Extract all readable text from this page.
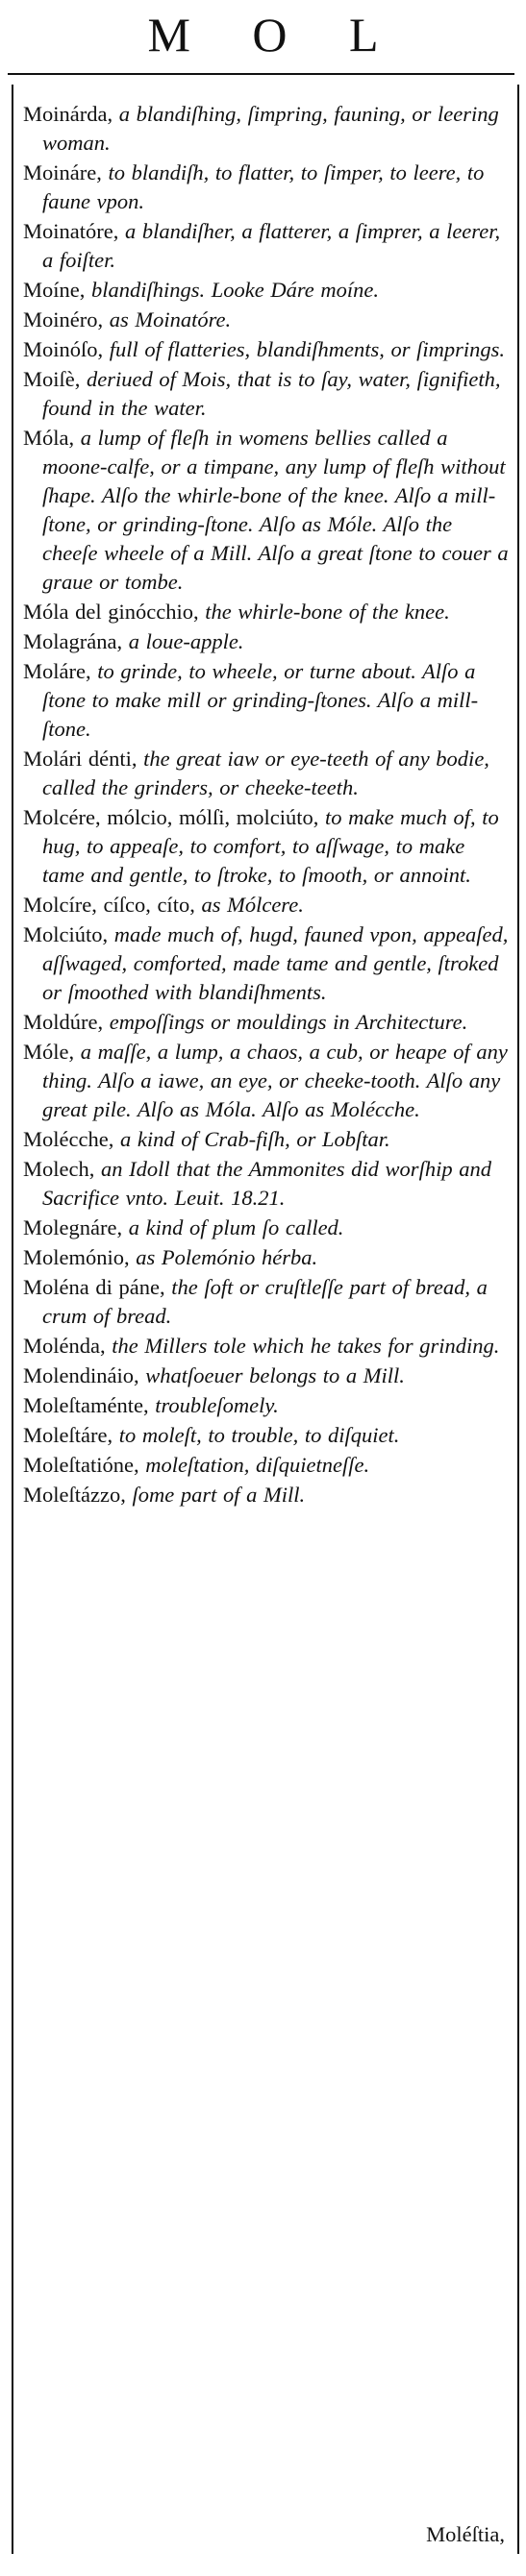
M O L
Moinárda, a blandiſhing, ſimpring, fauning, or leering woman.
Moináre, to blandiſh, to flatter, to ſimper, to leere, to faune vpon.
Moinatóre, a blandiſher, a flatterer, a ſimprer, a leerer, a foiſter.
Moíne, blandiſhings. Looke Dáre moíne.
Moinéro, as Moinatóre.
Moinóſo, full of flatteries, blandiſhments, or ſimprings.
Moiſè, deriued of Mois, that is to ſay, water, ſignifieth, found in the water.
Móla, a lump of fleſh in womens bellies called a moone-calfe, or a timpane, any lump of fleſh without ſhape. Alſo the whirle-bone of the knee. Alſo a mill-ſtone, or grinding-ſtone. Alſo as Móle. Alſo the cheeſe wheele of a Mill. Alſo a great ſtone to couer a graue or tombe.
Móla del ginócchio, the whirle-bone of the knee.
Molagrána, a loue-apple.
Moláre, to grinde, to wheele, or turne about. Alſo a ſtone to make mill or grinding-ſtones. Alſo a mill-ſtone.
Molári dénti, the great iaw or eye-teeth of any bodie, called the grinders, or cheeke-teeth.
Molcére, mólcio, mólſi, molciúto, to make much of, to hug, to appeaſe, to comfort, to aſſwage, to make tame and gentle, to ſtroke, to ſmooth, or annoint.
Molcíre, cíſco, cíto, as Mólcere.
Molciúto, made much of, hugd, fauned vpon, appeaſed, aſſwaged, comforted, made tame and gentle, ſtroked or ſmoothed with blandiſhments.
Moldúre, empoſſings or mouldings in Architecture.
Móle, a maſſe, a lump, a chaos, a cub, or heape of any thing. Alſo a iawe, an eye, or cheeke-tooth. Alſo any great pile. Alſo as Móla. Alſo as Molécche.
Molécche, a kind of Crab-fiſh, or Lobſtar.
Molech, an Idoll that the Ammonites did worſhip and Sacrifice vnto. Leuit. 18.21.
Molegnáre, a kind of plum ſo called.
Molemónio, as Polemónio hérba.
Moléna di páne, the ſoft or cruſtleſſe part of bread, a crum of bread.
Moléndа, the Millers tole which he takes for grinding.
Molendináio, whatſoeuer belongs to a Mill.
Moleſtaménte, troubleſomely.
Moleſtáre, to moleſt, to trouble, to diſquiet.
Moleſtatióne, moleſtation, diſquietneſſe.
Moleſtázzo, ſome part of a Mill.
Moléſtia,
